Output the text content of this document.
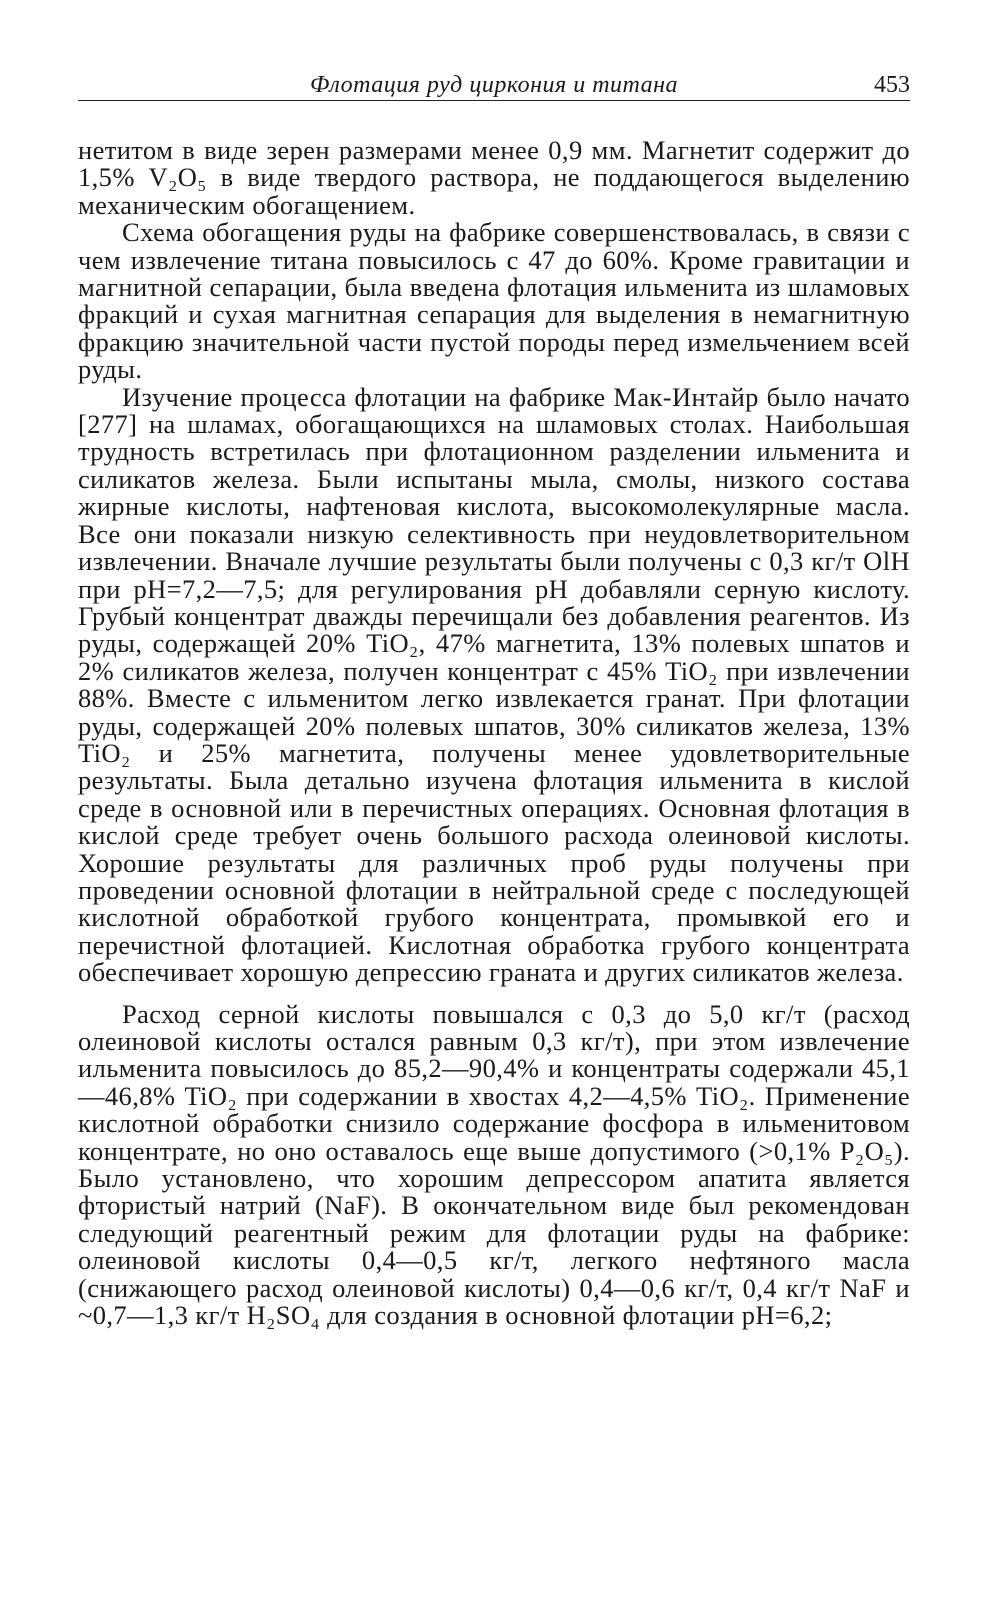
Флотация руд циркония и титана	453

нетитом в виде зерен размерами менее 0,9 мм. Магнетит содержит до 1,5% V₂O₅ в виде твердого раствора, не поддающегося выделению механическим обогащением.

Схема обогащения руды на фабрике совершенствовалась, в связи с чем извлечение титана повысилось с 47 до 60%. Кроме гравитации и магнитной сепарации, была введена флотация ильменита из шламовых фракций и сухая магнитная сепарация для выделения в немагнитную фракцию значительной части пустой породы перед измельчением всей руды.

Изучение процесса флотации на фабрике Мак-Интайр было начато [277] на шламах, обогащающихся на шламовых столах. Наибольшая трудность встретилась при флотационном разделении ильменита и силикатов железа. Были испытаны мыла, смолы, низкого состава жирные кислоты, нафтеновая кислота, высокомолекулярные масла. Все они показали низкую селективность при неудовлетворительном извлечении. Вначале лучшие результаты были получены с 0,3 кг/т OlH при pH=7,2—7,5; для регулирования pH добавляли серную кислоту. Грубый концентрат дважды перечищали без добавления реагентов. Из руды, содержащей 20% TiO₂, 47% магнетита, 13% полевых шпатов и 2% силикатов железа, получен концентрат с 45% TiO₂ при извлечении 88%. Вместе с ильменитом легко извлекается гранат. При флотации руды, содержащей 20% полевых шпатов, 30% силикатов железа, 13% TiO₂ и 25% магнетита, получены менее удовлетворительные результаты. Была детально изучена флотация ильменита в кислой среде в основной или в перечистных операциях. Основная флотация в кислой среде требует очень большого расхода олеиновой кислоты. Хорошие результаты для различных проб руды получены при проведении основной флотации в нейтральной среде с последующей кислотной обработкой грубого концентрата, промывкой его и перечистной флотацией. Кислотная обработка грубого концентрата обеспечивает хорошую депрессию граната и других силикатов железа.

Расход серной кислоты повышался с 0,3 до 5,0 кг/т (расход олеиновой кислоты остался равным 0,3 кг/т), при этом извлечение ильменита повысилось до 85,2—90,4% и концентраты содержали 45,1—46,8% TiO₂ при содержании в хвостах 4,2—4,5% TiO₂. Применение кислотной обработки снизило содержание фосфора в ильменитовом концентрате, но оно оставалось еще выше допустимого (>0,1% P₂O₅). Было установлено, что хорошим депрессором апатита является фтористый натрий (NaF). В окончательном виде был рекомендован следующий реагентный режим для флотации руды на фабрике: олеиновой кислоты 0,4—0,5 кг/т, легкого нефтяного масла (снижающего расход олеиновой кислоты) 0,4—0,6 кг/т, 0,4 кг/т NaF и ~0,7—1,3 кг/т H₂SO₄ для создания в основной флотации pH=6,2;
